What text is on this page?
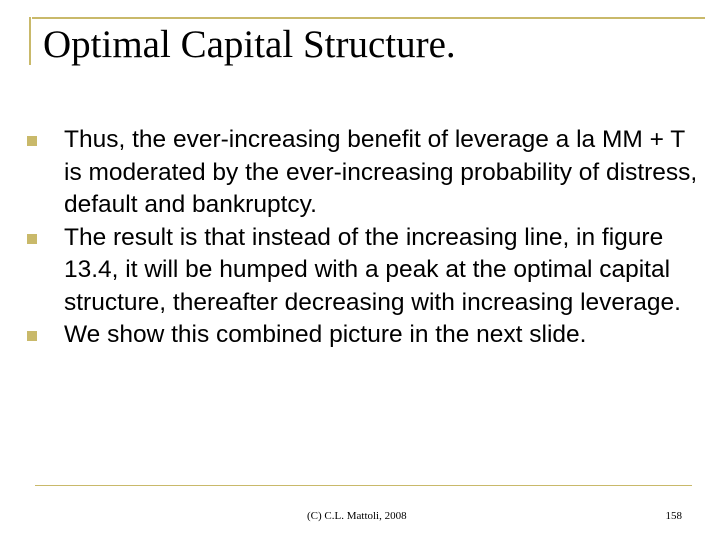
Optimal Capital Structure.
Thus, the ever-increasing benefit of leverage a la MM + T is moderated by the ever-increasing probability of distress, default and bankruptcy.
The result is that instead of the increasing line, in figure 13.4, it will be humped with a peak at the optimal capital structure, thereafter decreasing with increasing leverage.
We show this combined picture in the next slide.
(C) C.L. Mattoli, 2008	158
